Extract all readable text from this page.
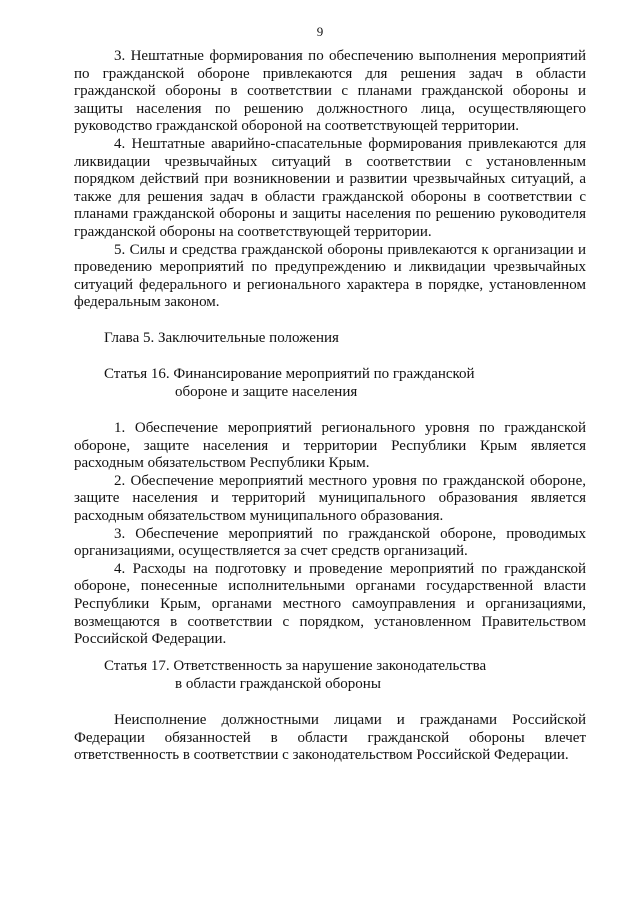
9

3. Нештатные формирования по обеспечению выполнения мероприятий по гражданской обороне привлекаются для решения задач в области гражданской обороны в соответствии с планами гражданской обороны и защиты населения по решению должностного лица, осуществляющего руководство гражданской обороной на соответствующей территории.

4. Нештатные аварийно-спасательные формирования привлекаются для ликвидации чрезвычайных ситуаций в соответствии с установленным порядком действий при возникновении и развитии чрезвычайных ситуаций, а также для решения задач в области гражданской обороны в соответствии с планами гражданской обороны и защиты населения по решению руководителя гражданской обороны на соответствующей территории.

5. Силы и средства гражданской обороны привлекаются к организации и проведению мероприятий по предупреждению и ликвидации чрезвычайных ситуаций федерального и регионального характера в порядке, установленном федеральным законом.

Глава 5. Заключительные положения

Статья 16. Финансирование мероприятий по гражданской
обороне и защите населения

1. Обеспечение мероприятий регионального уровня по гражданской обороне, защите населения и территории Республики Крым является расходным обязательством Республики Крым.

2. Обеспечение мероприятий местного уровня по гражданской обороне, защите населения и территорий муниципального образования является расходным обязательством муниципального образования.

3. Обеспечение мероприятий по гражданской обороне, проводимых организациями, осуществляется за счет средств организаций.

4. Расходы на подготовку и проведение мероприятий по гражданской обороне, понесенные исполнительными органами государственной власти Республики Крым, органами местного самоуправления и организациями, возмещаются в соответствии с порядком, установленном Правительством Российской Федерации.

Статья 17. Ответственность за нарушение законодательства
в области гражданской обороны

Неисполнение должностными лицами и гражданами Российской Федерации обязанностей в области гражданской обороны влечет ответственность в соответствии с законодательством Российской Федерации.
